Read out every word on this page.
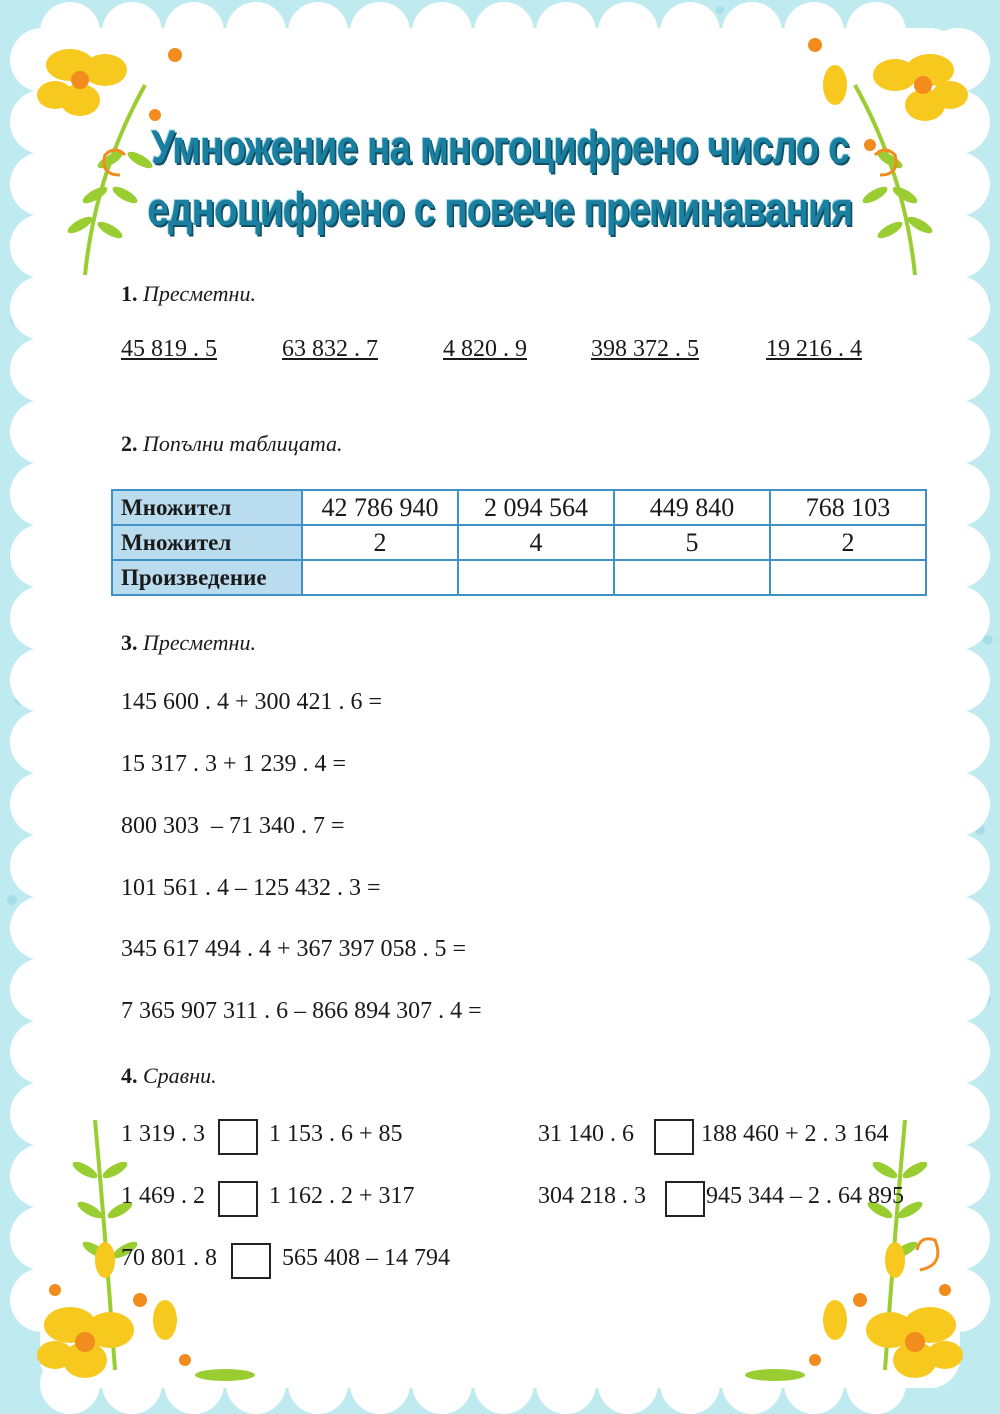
Умножение на многоцифрено число с
едноцифрено с повече преминавания
1. Пресметни.
45 819 . 5	63 832 . 7	4 820 . 9	398 372 . 5	19 216 . 4
2. Попълни таблицата.
Множител	42 786 940	2 094 564	449 840	768 103
Множител	2	4	5	2
Произведение				
3. Пресметни.
145 600 . 4 + 300 421 . 6 =
15 317 . 3 + 1 239 . 4 =
800 303  – 71 340 . 7 =
101 561 . 4 – 125 432 . 3 =
345 617 494 . 4 + 367 397 058 . 5 =
7 365 907 311 . 6 – 866 894 307 . 4 =
4. Сравни.
1 319 . 3	1 153 . 6 + 85	31 140 . 6	188 460 + 2 . 3 164
1 469 . 2	1 162 . 2 + 317	304 218 . 3	945 344 – 2 . 64 895
70 801 . 8	565 408 – 14 794
